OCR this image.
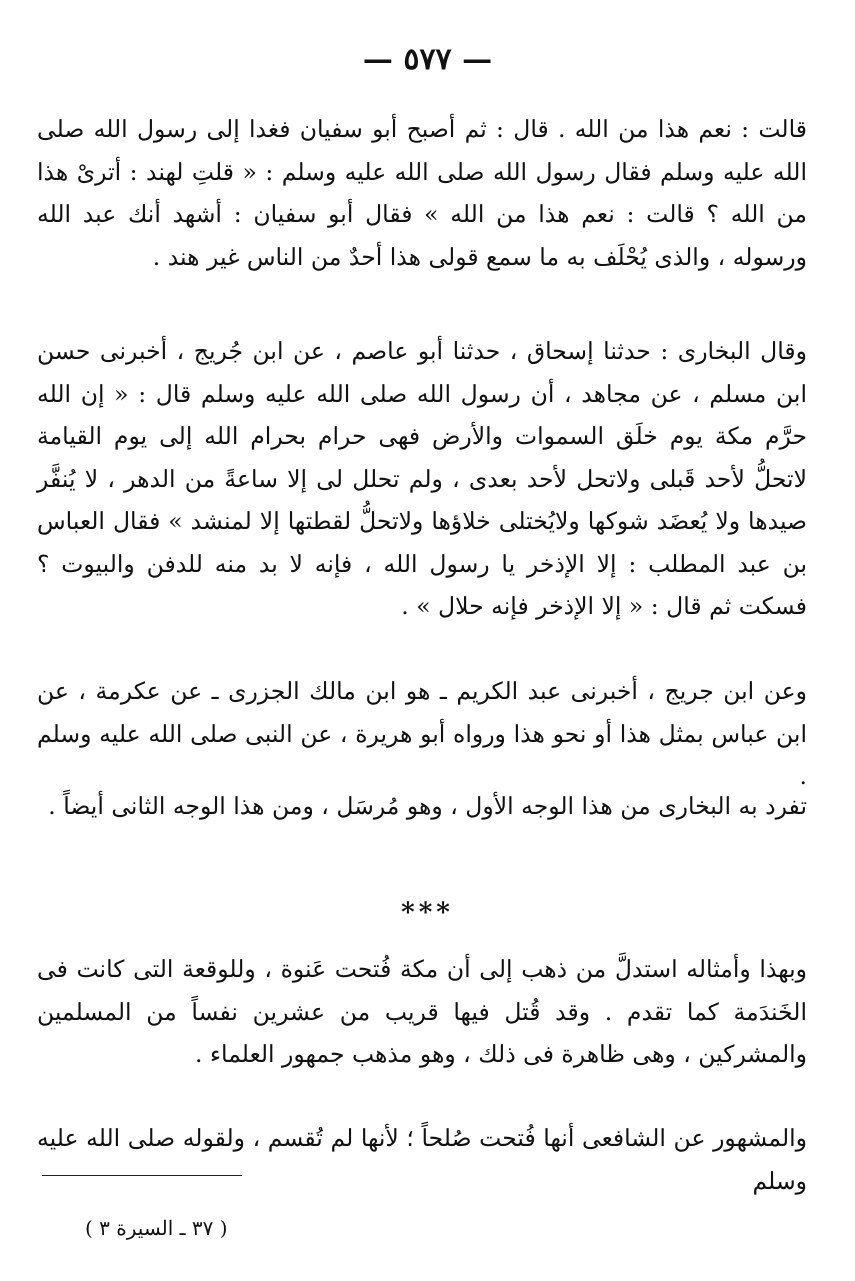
— ٥٧٧ —

قالت : نعم هذا من الله . قال : ثم أصبح أبو سفيان فغدا إلى رسول الله صلى الله عليه وسلم فقال رسول الله صلى الله عليه وسلم : « قلتِ لهند : أترىْ هذا من الله ؟ قالت : نعم هذا من الله » فقال أبو سفيان : أشهد أنك عبد الله ورسوله ، والذى يُحْلَف به ما سمع قولى هذا أحدٌ من الناس غير هند .

وقال البخارى : حدثنا إسحاق ، حدثنا أبو عاصم ، عن ابن جُريج ، أخبرنى حسن ابن مسلم ، عن مجاهد ، أن رسول الله صلى الله عليه وسلم قال : « إن الله حرَّم مكة يوم خلَق السموات والأرض فهى حرام بحرام الله إلى يوم القيامة لاتحلُّ لأحد قَبلى ولاتحل لأحد بعدى ، ولم تحلل لى إلا ساعةً من الدهر ، لا يُنفَّر صيدها ولا يُعضَد شوكها ولايُختلى خلاؤها ولاتحلُّ لقطتها إلا لمنشد » فقال العباس بن عبد المطلب : إلا الإذخر يا رسول الله ، فإنه لا بد منه للدفن والبيوت ؟ فسكت ثم قال : « إلا الإذخر فإنه حلال » .

وعن ابن جريج ، أخبرنى عبد الكريم ـ هو ابن مالك الجزرى ـ عن عكرمة ، عن ابن عباس بمثل هذا أو نحو هذا ورواه أبو هريرة ، عن النبى صلى الله عليه وسلم .

تفرد به البخارى من هذا الوجه الأول ، وهو مُرسَل ، ومن هذا الوجه الثانى أيضاً .

***

وبهذا وأمثاله استدلَّ من ذهب إلى أن مكة فُتحت عَنوة ، وللوقعة التى كانت فى الخَندَمة كما تقدم . وقد قُتل فيها قريب من عشرين نفساً من المسلمين والمشركين ، وهى ظاهرة فى ذلك ، وهو مذهب جمهور العلماء .

والمشهور عن الشافعى أنها فُتحت صُلحاً ؛ لأنها لم تُقسم ، ولقوله صلى الله عليه وسلم

( ٣٧ ـ السيرة ٣ )
